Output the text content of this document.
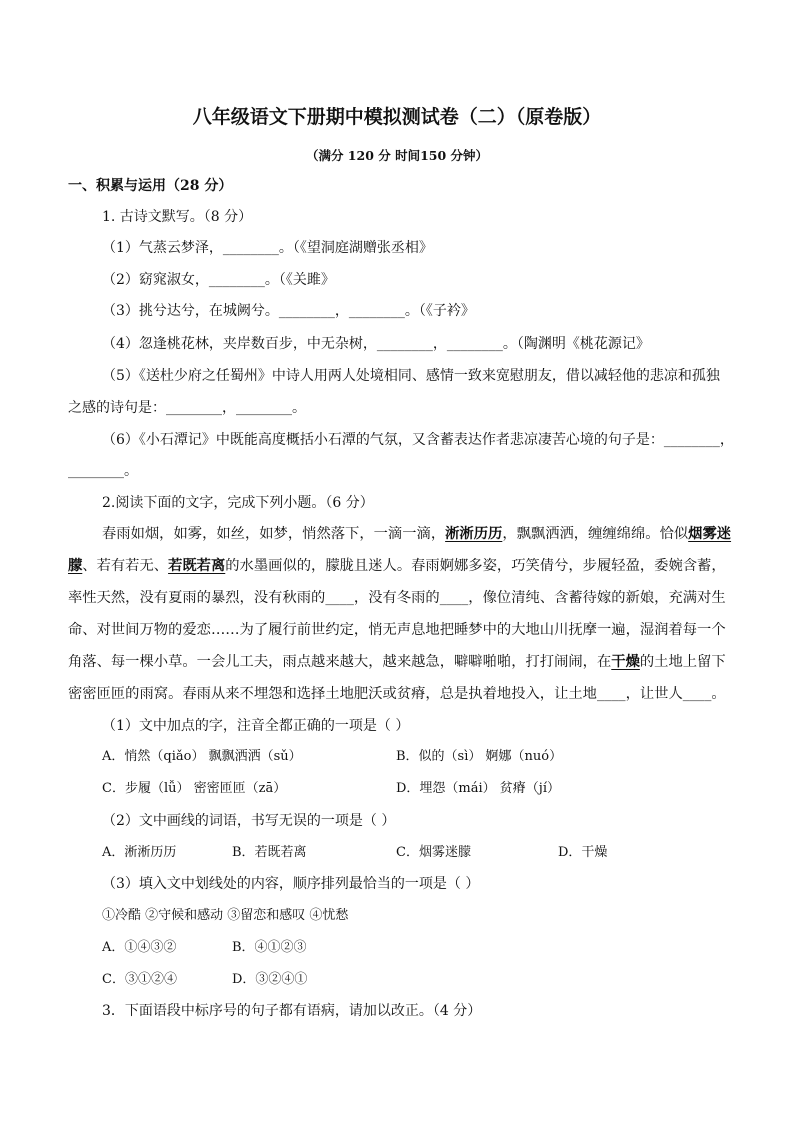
八年级语文下册期中模拟测试卷（二）（原卷版）
（满分 120 分 时间150 分钟）
一、积累与运用（28 分）
1. 古诗文默写。（8 分）
（1）气蒸云梦泽，________。（《望洞庭湖赠张丞相》
（2）窈窕淑女，________。（《关雎》
（3）挑兮达兮，在城阙兮。________，________。（《子衿》
（4）忽逢桃花林，夹岸数百步，中无杂树，________，________。（陶渊明《桃花源记》
（5）《送杜少府之任蜀州》中诗人用两人处境相同、感情一致来宽慰朋友，借以减轻他的悲凉和孤独
之感的诗句是：________，________。
（6）《小石潭记》中既能高度概括小石潭的气氛，又含蓄表达作者悲凉凄苦心境的句子是：________，
________。
2.阅读下面的文字，完成下列小题。（6 分）
春雨如烟，如雾，如丝，如梦，悄然落下，一滴一滴，淅淅历历，飘飘洒洒，缠缠绵绵。恰似烟雾迷
朦、若有若无、若既若离的水墨画似的，朦胧且迷人。春雨婀娜多姿，巧笑倩兮，步履轻盈，委婉含蓄，
率性天然，没有夏雨的暴烈，没有秋雨的____，没有冬雨的____，像位清纯、含蓄待嫁的新娘，充满对生
命、对世间万物的爱恋……为了履行前世约定，悄无声息地把睡梦中的大地山川抚摩一遍，湿润着每一个
角落、每一棵小草。一会儿工夫，雨点越来越大，越来越急，噼噼啪啪，打打闹闹，在干燥的土地上留下
密密匝匝的雨窝。春雨从来不埋怨和选择土地肥沃或贫瘠，总是执着地投入，让土地____，让世人____。
（1）文中加点的字，注音全都正确的一项是（ ）
A．悄然（qiǎo） 飘飘洒洒（sǔ）	B．似的（sì） 婀娜（nuó）
C．步履（lǚ） 密密匝匝（zā）	D．埋怨（mái） 贫瘠（jí）
（2）文中画线的词语，书写无误的一项是（ ）
A．淅淅历历	B．若既若离	C．烟雾迷朦	D．干燥
（3）填入文中划线处的内容，顺序排列最恰当的一项是（ ）
①冷酷 ②守候和感动 ③留恋和感叹 ④忧愁
A．①④③②	B．④①②③
C．③①②④	D．③②④①
3．下面语段中标序号的句子都有语病，请加以改正。（4 分）
